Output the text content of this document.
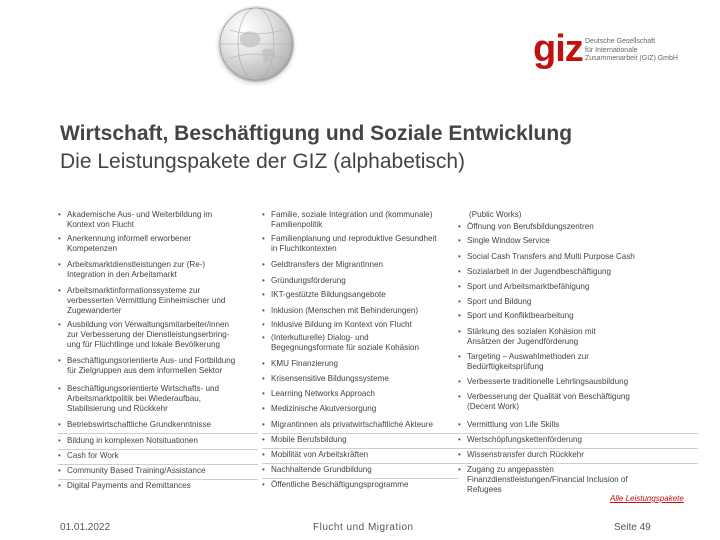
giz Deutsche Gesellschaft
für Internationale
Zusammenarbeit (GIZ) GmbH
Wirtschaft, Beschäftigung und Soziale Entwicklung
Die Leistungspakete der GIZ (alphabetisch)
• Akademische Aus- und Weiterbildung im
Kontext von Flucht
• Anerkennung informell erworbener
Kompetenzen
• Arbeitsmarktdienstleistungen zur (Re-)
Integration in den Arbeitsmarkt
• Arbeitsmarktinformationssysteme zur
verbesserten Vermittlung Einheimischer und
Zugewanderter
• Ausbildung von Verwaltungsmitarbeiter/innen
zur Verbesserung der Dienstleistungserbring-
ung für Flüchtlinge und lokale Bevölkerung
• Beschäftigungsorientierte Aus- und Fortbildung
für Zielgruppen aus dem informellen Sektor
• Beschäftigungsorientierte Wirtschafts- und
Arbeitsmarktpolitik bei Wiederaufbau,
Stabilisierung und Rückkehr
• Betriebswirtschaftliche Grundkenntnisse
• Bildung in komplexen Notsituationen
• Cash for Work
• Community Based Training/Assistance
• Digital Payments and Remittances
• Familie, soziale Integration und (kommunale)
Familienpolitik
• Familienplanung und reproduktive Gesundheit
in Fluchtkontexten
• Geldtransfers der MigrantInnen
• Gründungsförderung
• IKT-gestützte Bildungsangebote
• Inklusion (Menschen mit Behinderungen)
• Inklusive Bildung im Kontext von Flucht
• (Interkulturelle) Dialog- und
Begegnungsformate für soziale Kohäsion
• KMU Finanzierung
• Krisensensitive Bildungssysteme
• Learning Networks Approach
• Medizinische Akutversorgung
• Migrantinnen als privatwirtschaftliche Akteure
• Mobile Berufsbildung
• Mobilität von Arbeitskräften
• Nachhaltende Grundbildung
• Öffentliche Beschäftigungsprogramme
• Öffnung von Berufsbildungszentren
• Single Window Service
• Social Cash Transfers and Multi Purpose Cash
• Sozialarbeit in der Jugendbeschäftigung
• Sport und Arbeitsmarktbefähigung
• Sport und Bildung
• Sport und Konfliktbearbeitung
• Stärkung des sozialen Kohäsion mit
Ansätzen der Jugendförderung
• Targeting – Auswahlmethoden zur
Bedürftigkeitsprüfung
• Verbesserte traditionelle Lehrlingsausbildung
• Verbesserung der Qualität von Beschäftigung
(Decent Work)
• Vermittlung von Life Skills
• Wertschöpfungskettenförderung
• Wissenstransfer durch Rückkehr
• Zugang zu angepassten
Finanzdienstleistungen/Financial Inclusion of
Refugees
(Public Works)
Alle Leistungspakete
01.01.2022	Flucht und Migration	Seite 49
